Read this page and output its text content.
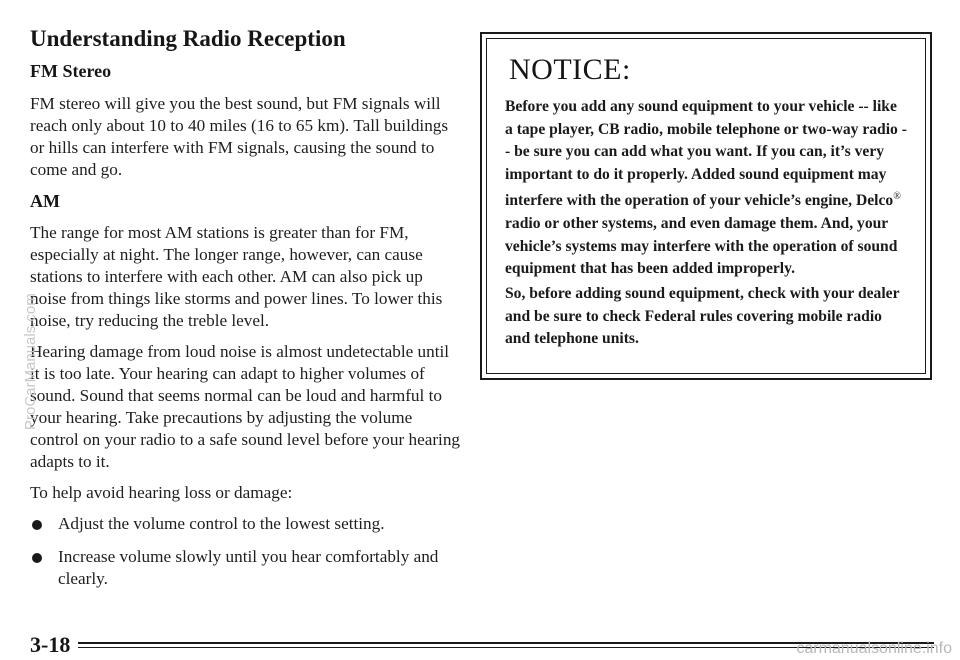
Understanding Radio Reception
FM Stereo

FM stereo will give you the best sound, but FM signals will reach only about 10 to 40 miles (16 to 65 km). Tall buildings or hills can interfere with FM signals, causing the sound to come and go.

AM

The range for most AM stations is greater than for FM, especially at night. The longer range, however, can cause stations to interfere with each other. AM can also pick up noise from things like storms and power lines. To lower this noise, try reducing the treble level.

Hearing damage from loud noise is almost undetectable until it is too late. Your hearing can adapt to higher volumes of sound. Sound that seems normal can be loud and harmful to your hearing. Take precautions by adjusting the volume control on your radio to a safe sound level before your hearing adapts to it.

To help avoid hearing loss or damage:

Adjust the volume control to the lowest setting.
Increase volume slowly until you hear comfortably and clearly.
NOTICE:

Before you add any sound equipment to your vehicle -- like a tape player, CB radio, mobile telephone or two-way radio -- be sure you can add what you want. If you can, it’s very important to do it properly. Added sound equipment may interfere with the operation of your vehicle’s engine, Delco® radio or other systems, and even damage them. And, your vehicle’s systems may interfere with the operation of sound equipment that has been added improperly.

So, before adding sound equipment, check with your dealer and be sure to check Federal rules covering mobile radio and telephone units.

3-18
ProCarManuals.com
carmanualsonline.info
